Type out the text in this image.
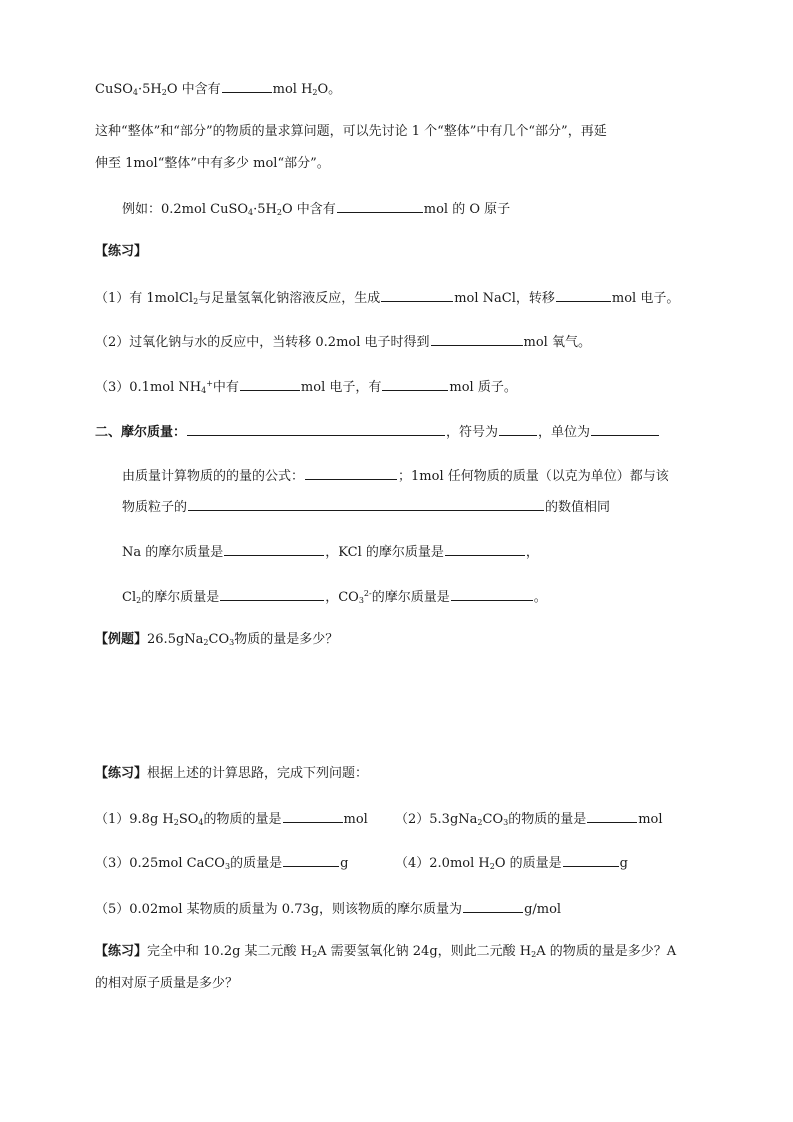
$CuSO_4\cdot 5H_2O$ 中含有	mol $H_2O$。
这种“整体”和“部分”的物质的量求算问题，可以先讨论 1 个“整体”中有几个“部分”，再延
伸至 1mol“整体”中有多少 mol“部分”。
例如：0.2mol $CuSO_4\cdot 5H_2O$ 中含有	mol 的 O 原子
【练习】
（1）有 1molCl$_2$与足量氢氧化钠溶液反应，生成	mol NaCl，转移	mol 电子。
（2）过氧化钠与水的反应中，当转移 0.2mol 电子时得到	mol 氧气。
（3）0.1mol $NH_4^+$中有	mol 电子，有	mol 质子。
二、摩尔质量：	，符号为	，单位为
由质量计算物质的的量的公式：	；1mol 任何物质的质量（以克为单位）都与该
物质粒子的	的数值相同
Na 的摩尔质量是	，KCl 的摩尔质量是	，
$Cl_2$的摩尔质量是	，$CO_3^{2-}$的摩尔质量是	。
【例题】$26.5gNa_2CO_3$物质的量是多少？
【练习】根据上述的计算思路，完成下列问题：
（1）9.8g $H_2SO_4$的物质的量是	mol $(2)5.3gNa_2CO_3$的物质的量是	mol
（3）0.25mol CaCO$_3$的质量是	g	（4）2.0mol $H_2O$ 的质量是	g
（5）0.02mol 某物质的质量为 0.73g，则该物质的摩尔质量为	g/mol
【练习】完全中和 10.2g 某二元酸 $H_2A$ 需要氢氧化钠 24g，则此二元酸 $H_2A$ 的物质的量是多少？A
的相对原子质量是多少？
